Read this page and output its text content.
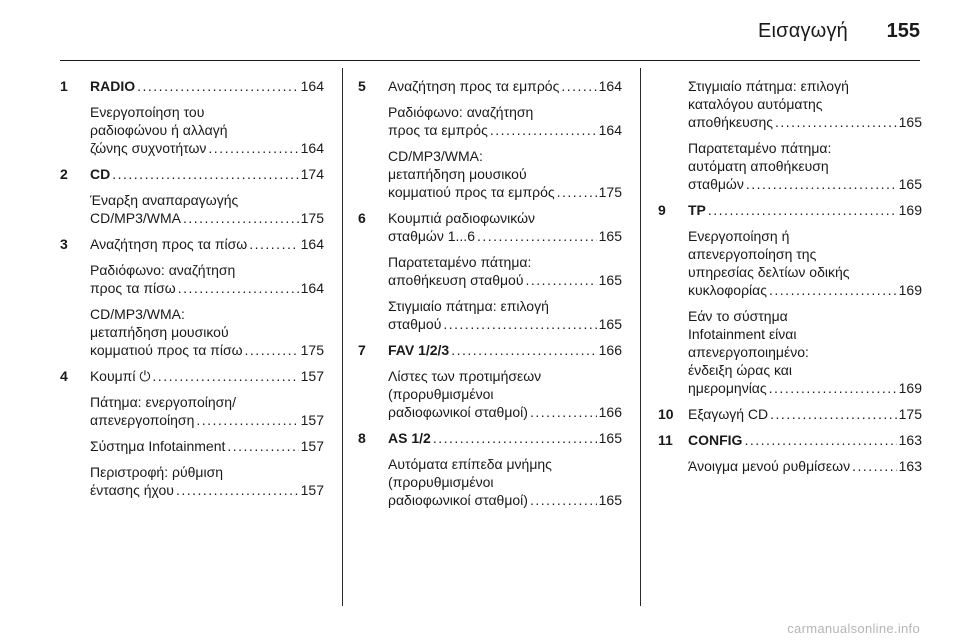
Εισαγωγή 155
1 RADIO .....	164
Ενεργοποίηση του
ραδιοφώνου ή αλλαγή
ζώνης συχνοτήτων .....	164
2 CD .....	174
Έναρξη αναπαραγωγής
CD/MP3/WMA .....	175
3 Αναζήτηση προς τα πίσω .....	164
Ραδιόφωνο: αναζήτηση
προς τα πίσω .....	164
CD/MP3/WMA:
μεταπήδηση μουσικού
κομματιού προς τα πίσω .....	175
4 Κουμπί ⏻ .....	157
Πάτημα: ενεργοποίηση/
απενεργοποίηση .....	157
Σύστημα Infotainment .....	157
Περιστροφή: ρύθμιση
έντασης ήχου .....	157
5 Αναζήτηση προς τα εμπρός .....	164
Ραδιόφωνο: αναζήτηση
προς τα εμπρός .....	164
CD/MP3/WMA:
μεταπήδηση μουσικού
κομματιού προς τα εμπρός .....	175
6 Κουμπιά ραδιοφωνικών
σταθμών 1...6 .....	165
Παρατεταμένο πάτημα:
αποθήκευση σταθμού .....	165
Στιγμιαίο πάτημα: επιλογή
σταθμού .....	165
7 FAV 1/2/3 .....	166
Λίστες των προτιμήσεων
(προρυθμισμένοι
ραδιοφωνικοί σταθμοί) .....	166
8 AS 1/2 .....	165
Αυτόματα επίπεδα μνήμης
(προρυθμισμένοι
ραδιοφωνικοί σταθμοί) .....	165
Στιγμιαίο πάτημα: επιλογή
καταλόγου αυτόματης
αποθήκευσης .....	165
Παρατεταμένο πάτημα:
αυτόματη αποθήκευση
σταθμών .....	165
9 TP .....	169
Ενεργοποίηση ή
απενεργοποίηση της
υπηρεσίας δελτίων οδικής
κυκλοφορίας .....	169
Εάν το σύστημα
Infotainment είναι
απενεργοποιημένο:
ένδειξη ώρας και
ημερομηνίας .....	169
10 Εξαγωγή CD .....	175
11 CONFIG .....	163
Άνοιγμα μενού ρυθμίσεων .....	163
carmanualsonline.info
